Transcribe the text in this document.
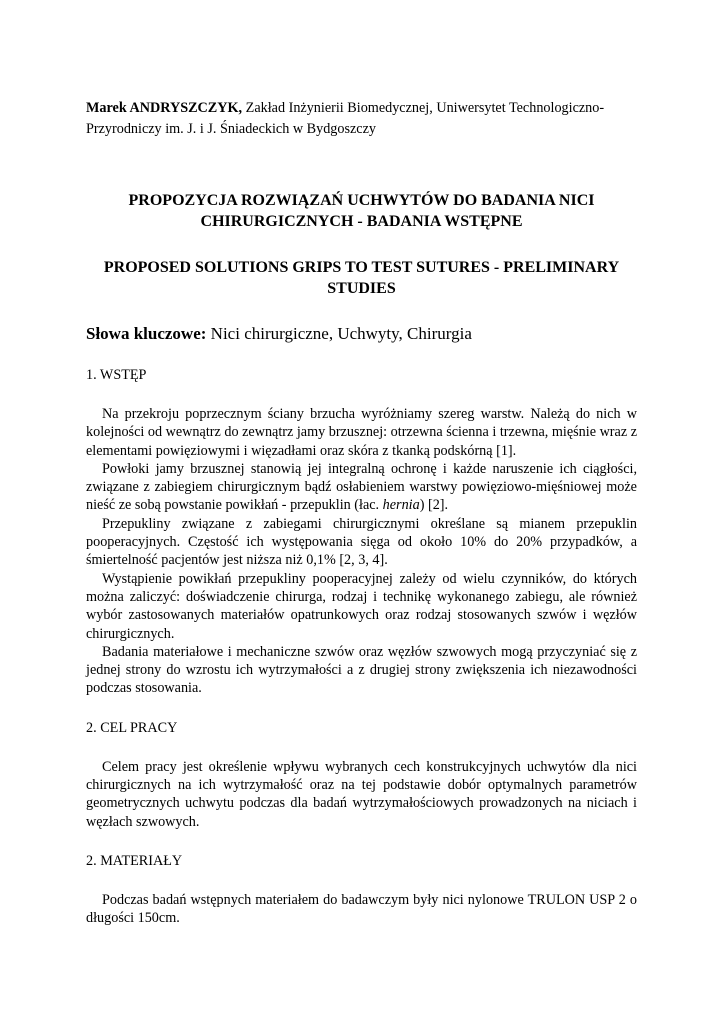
Marek ANDRYSZCZYK, Zakład Inżynierii Biomedycznej, Uniwersytet Technologiczno-Przyrodniczy im. J. i J. Śniadeckich w Bydgoszczy

PROPOZYCJA ROZWIĄZAŃ UCHWYTÓW DO BADANIA NICI CHIRURGICZNYCH - BADANIA WSTĘPNE

PROPOSED SOLUTIONS GRIPS TO TEST SUTURES - PRELIMINARY STUDIES

Słowa kluczowe: Nici chirurgiczne, Uchwyty, Chirurgia

1. WSTĘP

Na przekroju poprzecznym ściany brzucha wyróżniamy szereg warstw. Należą do nich w kolejności od wewnątrz do zewnątrz jamy brzusznej: otrzewna ścienna i trzewna, mięśnie wraz z elementami powięziowymi i więzadłami oraz skóra z tkanką podskórną [1].

Powłoki jamy brzusznej stanowią jej integralną ochronę i każde naruszenie ich ciągłości, związane z zabiegiem chirurgicznym bądź osłabieniem warstwy powięziowo-mięśniowej może nieść ze sobą powstanie powikłań - przepuklin (łac. hernia) [2].

Przepukliny związane z zabiegami chirurgicznymi określane są mianem przepuklin pooperacyjnych. Częstość ich występowania sięga od około 10% do 20% przypadków, a śmiertelność pacjentów jest niższa niż 0,1% [2, 3, 4].

Wystąpienie powikłań przepukliny pooperacyjnej zależy od wielu czynników, do których można zaliczyć: doświadczenie chirurga, rodzaj i technikę wykonanego zabiegu, ale również wybór zastosowanych materiałów opatrunkowych oraz rodzaj stosowanych szwów i węzłów chirurgicznych.

Badania materiałowe i mechaniczne szwów oraz węzłów szwowych mogą przyczyniać się z jednej strony do wzrostu ich wytrzymałości a z drugiej strony zwiększenia ich niezawodności podczas stosowania.

2. CEL PRACY

Celem pracy jest określenie wpływu wybranych cech konstrukcyjnych uchwytów dla nici chirurgicznych na ich wytrzymałość oraz na tej podstawie dobór optymalnych parametrów geometrycznych uchwytu podczas dla badań wytrzymałościowych prowadzonych na niciach i węzłach szwowych.

2. MATERIAŁY

Podczas badań wstępnych materiałem do badawczym były nici nylonowe TRULON USP 2 o długości 150cm.
